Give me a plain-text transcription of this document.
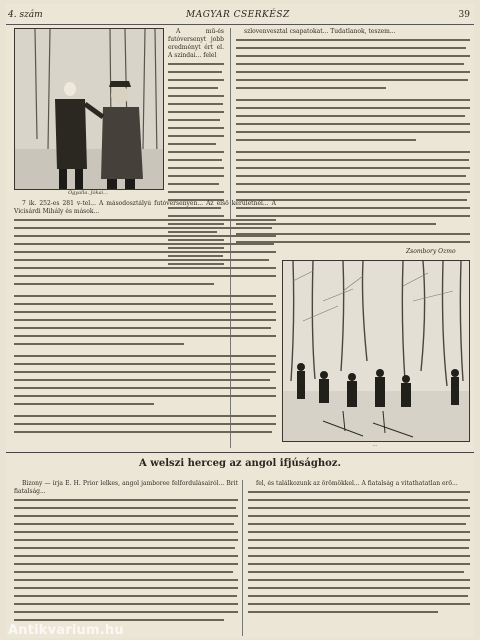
4. szám	MAGYAR CSERKÉSZ	39
Ógyalla. Jókai...

A mű-és futóversenyt jobb eredményt ért el. A szindai... felel

szlovenvesztal csapatokat... Tudatlanok, teszem...

Zsombory Ozmo
...

7 ik. 252-es 281 v-tel... A másodosztályú futóversenyen... Az első kerületnél... A Vicisárdi Mihály és mások...

A welszi herceg az angol ifjúsághoz.

Bizony — írja E. H. Prior lelkes, angol jamboree felfordulásairól... Brit fiatalság...

fel, és találkozunk az örömökkel... A fiatalság a vitathatatlan erő...

Antikvarium.hu
